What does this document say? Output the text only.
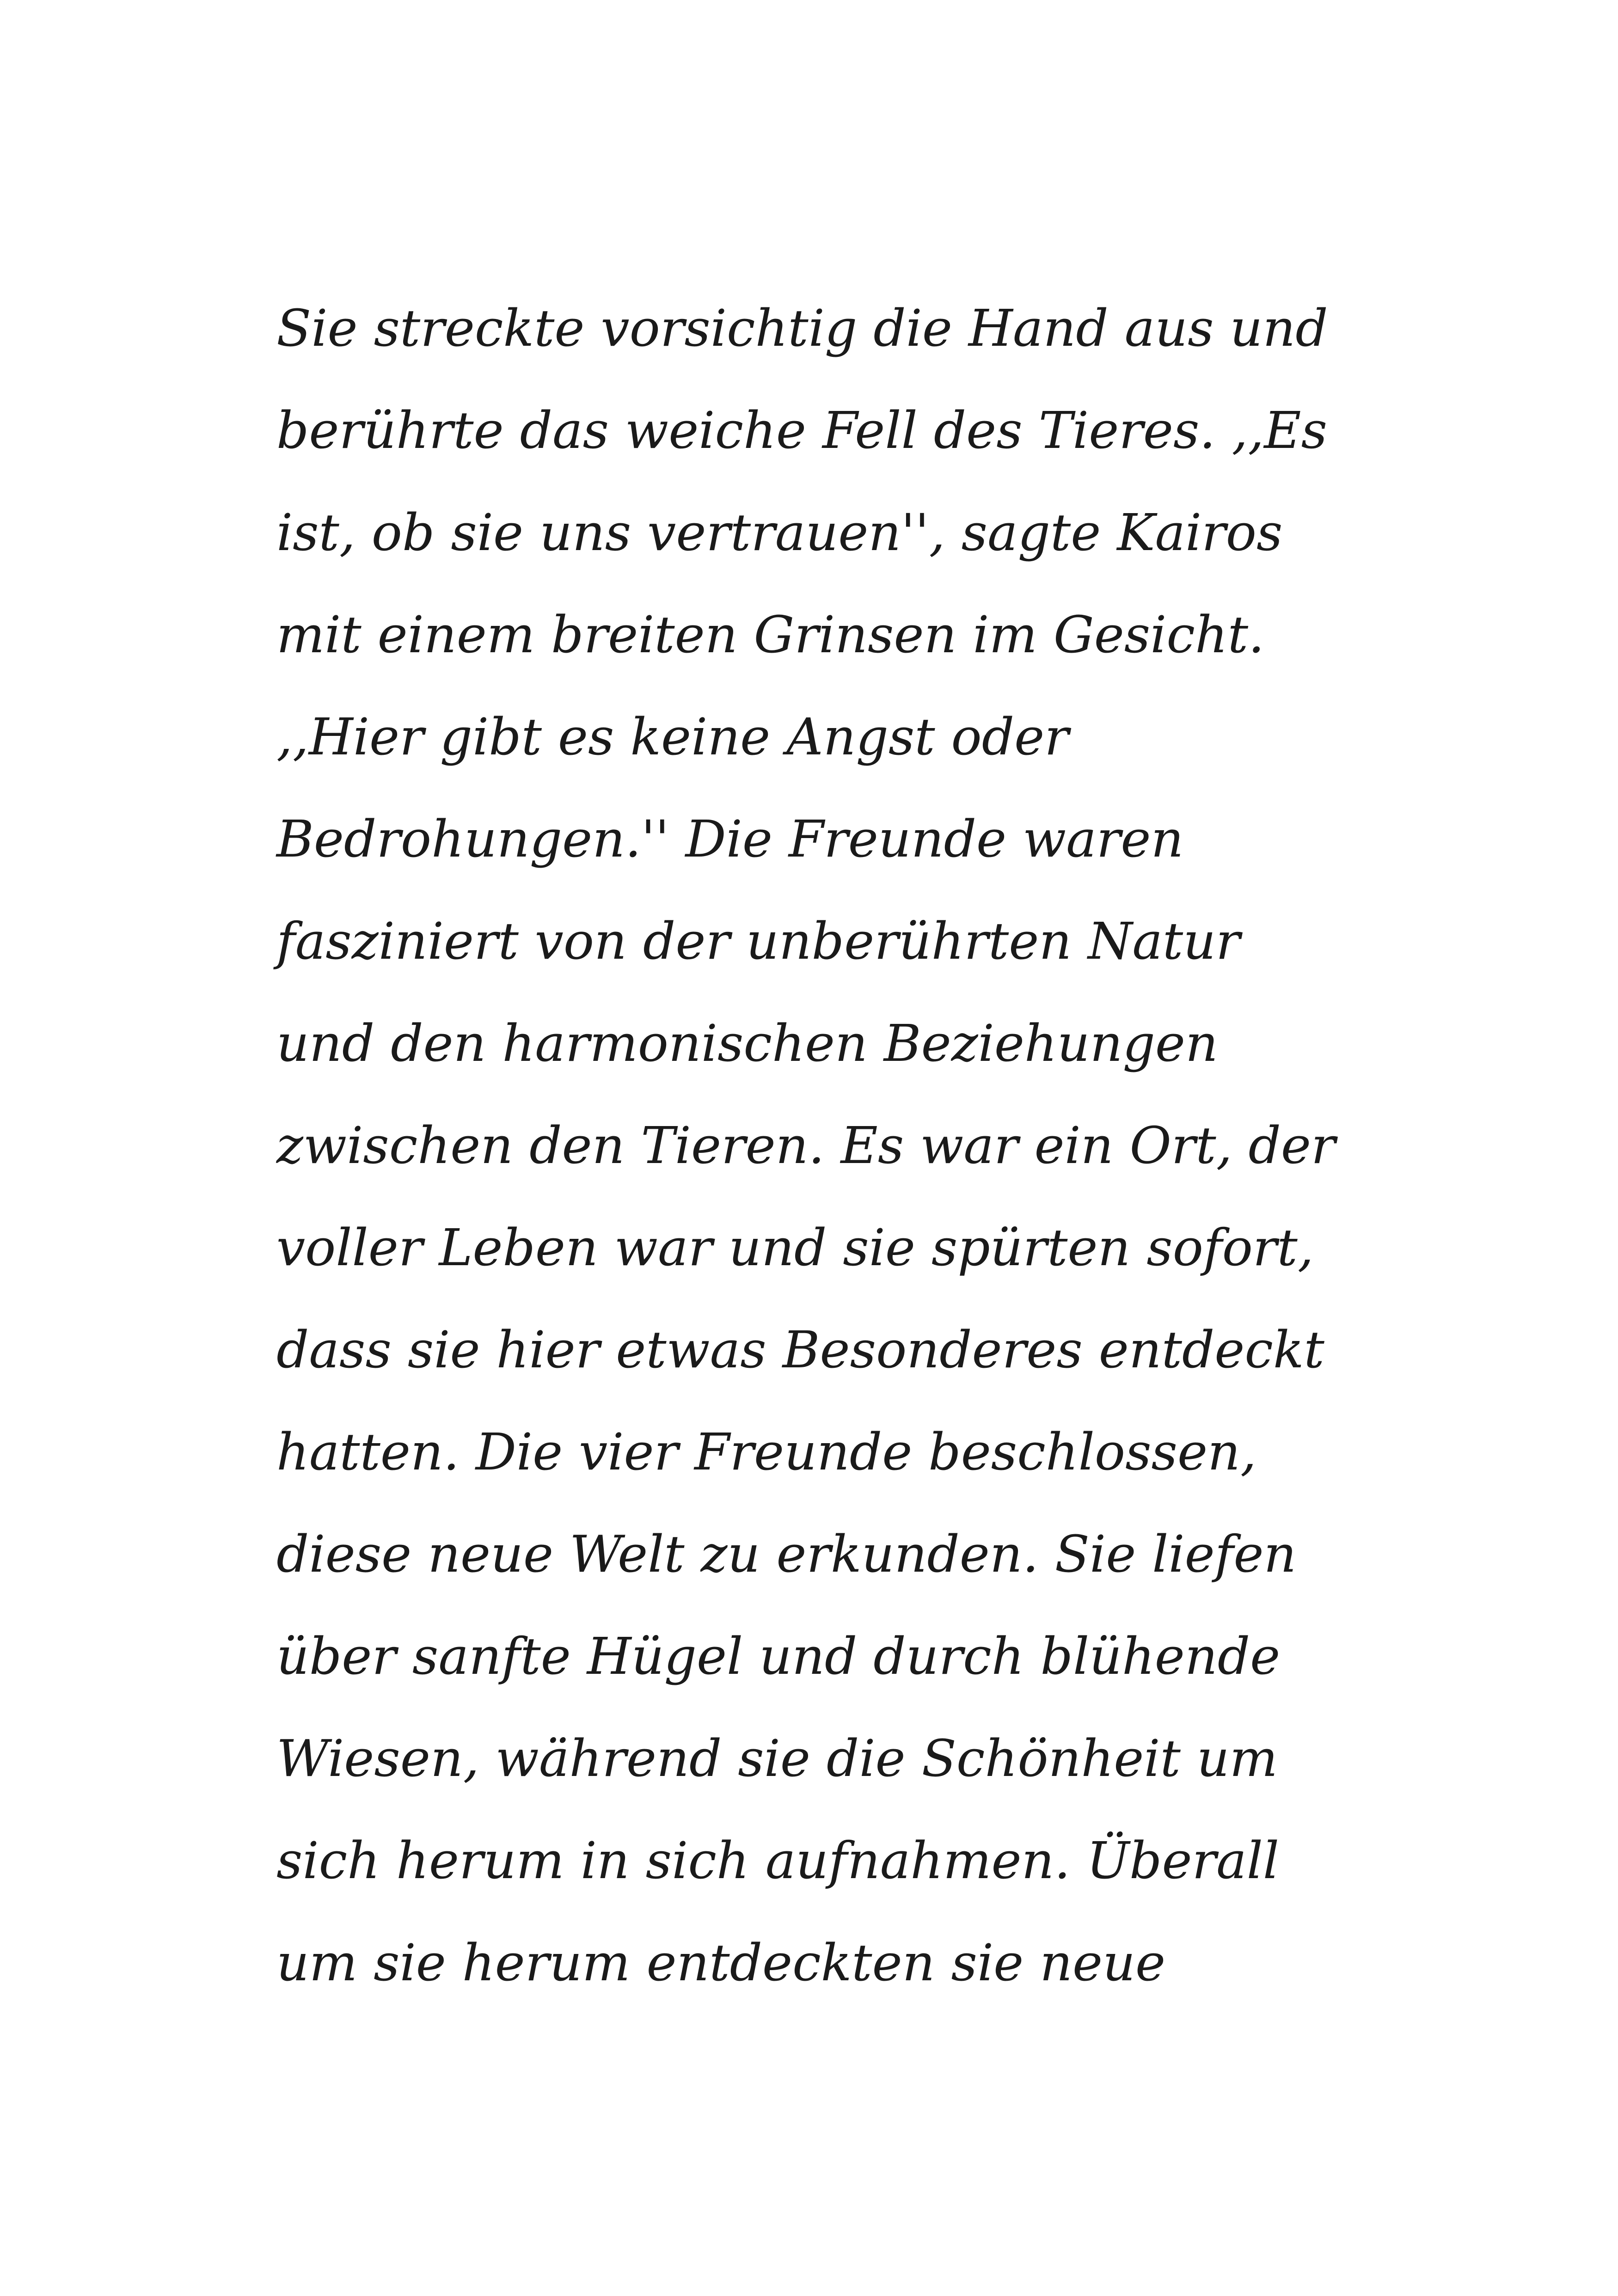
Sie streckte vorsichtig die Hand aus und
berührte das weiche Fell des Tieres. ,,Es
ist, ob sie uns vertrauen'', sagte Kairos
mit einem breiten Grinsen im Gesicht.
,,Hier gibt es keine Angst oder
Bedrohungen.'' Die Freunde waren
fasziniert von der unberührten Natur
und den harmonischen Beziehungen
zwischen den Tieren. Es war ein Ort, der
voller Leben war und sie spürten sofort,
dass sie hier etwas Besonderes entdeckt
hatten. Die vier Freunde beschlossen,
diese neue Welt zu erkunden. Sie liefen
über sanfte Hügel und durch blühende
Wiesen, während sie die Schönheit um
sich herum in sich aufnahmen. Überall
um sie herum entdeckten sie neue
